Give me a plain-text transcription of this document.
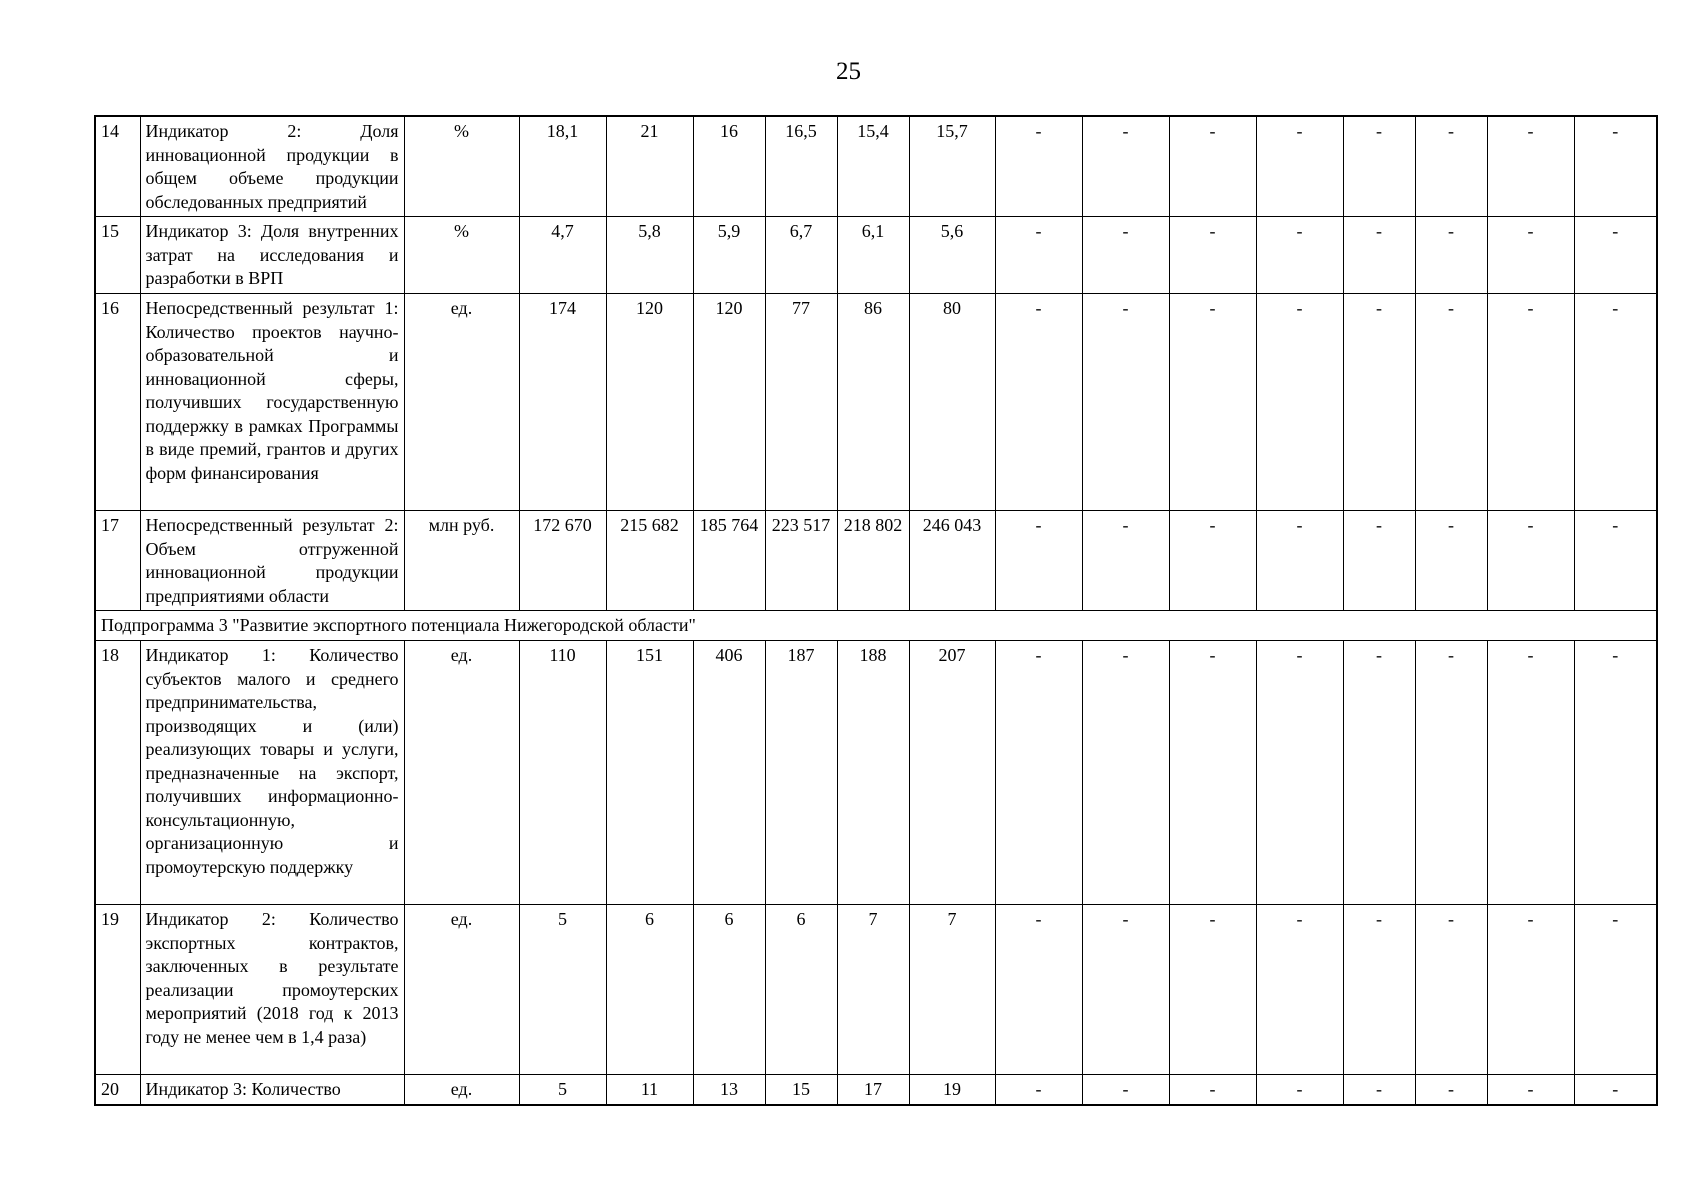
25
14	Индикатор 2: Доля инновационной продукции в общем объеме продукции обследованных предприятий	%	18,1	21	16	16,5	15,4	15,7	-	-	-	-	-	-	-	-
15	Индикатор 3: Доля внутренних затрат на исследования и разработки в ВРП	%	4,7	5,8	5,9	6,7	6,1	5,6	-	-	-	-	-	-	-	-
16	Непосредственный результат 1: Количество проектов научно-образовательной и инновационной сферы, получивших государственную поддержку в рамках Программы в виде премий, грантов и других форм финансирования	ед.	174	120	120	77	86	80	-	-	-	-	-	-	-	-
17	Непосредственный результат 2: Объем отгруженной инновационной продукции предприятиями области	млн руб.	172 670	215 682	185 764	223 517	218 802	246 043	-	-	-	-	-	-	-	-
Подпрограмма 3 "Развитие экспортного потенциала Нижегородской области"																
18	Индикатор 1: Количество субъектов малого и среднего предпринимательства, производящих и (или) реализующих товары и услуги, предназначенные на экспорт, получивших информационно-консультационную, организационную и промоутерскую поддержку	ед.	110	151	406	187	188	207	-	-	-	-	-	-	-	-
19	Индикатор 2: Количество экспортных контрактов, заключенных в результате реализации промоутерских мероприятий (2018 год к 2013 году не менее чем в 1,4 раза)	ед.	5	6	6	6	7	7	-	-	-	-	-	-	-	-
20	Индикатор 3: Количество	ед.	5	11	13	15	17	19	-	-	-	-	-	-	-	-
